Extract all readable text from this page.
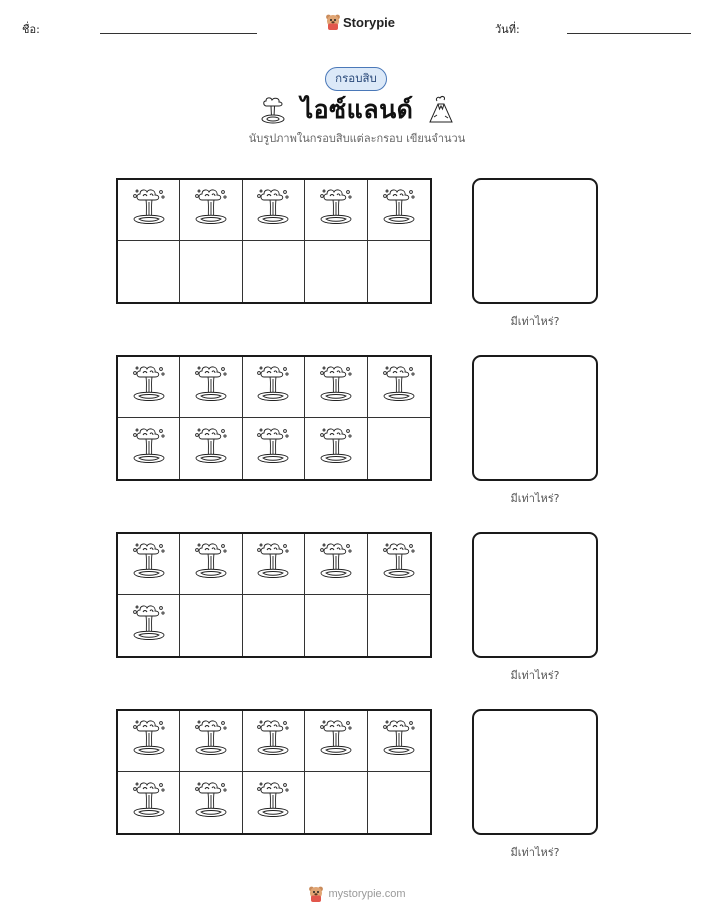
ชื่อ:	Storypie	วันที่:
กรอบสิบ
ไอซ์แลนด์
นับรูปภาพในกรอบสิบแต่ละกรอบ เขียนจำนวน
มีเท่าไหร่?
มีเท่าไหร่?
มีเท่าไหร่?
มีเท่าไหร่?
mystorypie.com
